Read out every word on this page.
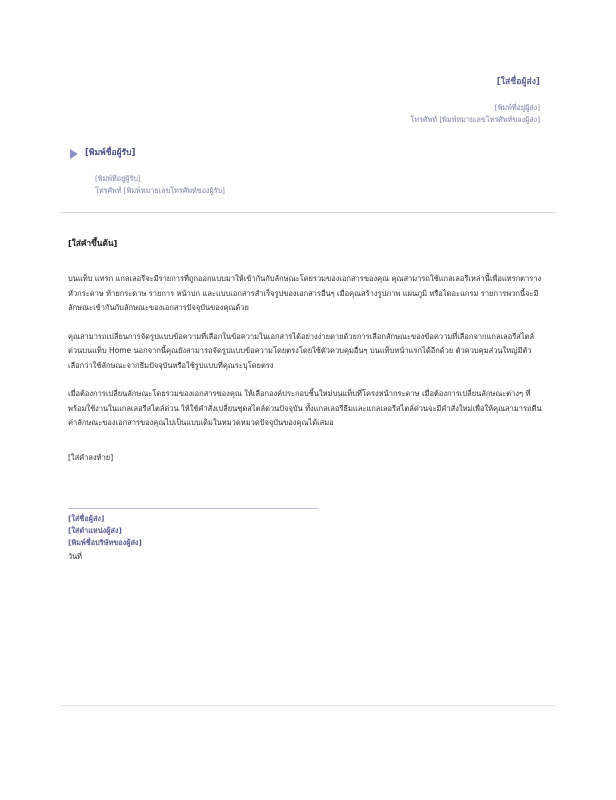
[ใส่ชื่อผู้ส่ง]
[พิมพ์ที่อยู่ผู้ส่ง]
โทรศัพท์ [พิมพ์หมายเลขโทรศัพท์ของผู้ส่ง]
[พิมพ์ชื่อผู้รับ]
[พิมพ์ที่อยู่ผู้รับ]
โทรศัพท์ [พิมพ์หมายเลขโทรศัพท์ของผู้รับ]
[ใส่คำขึ้นต้น]

บนแท็บ แทรก แกลเลอรีจะมีรายการที่ถูกออกแบบมาให้เข้ากันกับลักษณะโดยรวมของเอกสารของคุณ คุณสามารถใช้แกลเลอรีเหล่านี้เพื่อแทรกตาราง หัวกระดาษ ท้ายกระดาษ รายการ หน้าปก และแบบเอกสารสำเร็จรูปของเอกสารอื่นๆ เมื่อคุณสร้างรูปภาพ แผนภูมิ หรือไดอะแกรม รายการพวกนี้จะมีลักษณะเข้ากันกับลักษณะของเอกสารปัจจุบันของคุณด้วย

คุณสามารถเปลี่ยนการจัดรูปแบบข้อความที่เลือกในข้อความในเอกสารได้อย่างง่ายดายด้วยการเลือกลักษณะของข้อความที่เลือกจากแกลเลอรีสไตล์ด่วนบนแท็บ Home นอกจากนี้คุณยังสามารถจัดรูปแบบข้อความโดยตรงโดยใช้ตัวควบคุมอื่นๆ บนแท็บหน้าแรกได้อีกด้วย ตัวควบคุมส่วนใหญ่มีตัวเลือกว่าใช้ลักษณะจากธีมปัจจุบันหรือใช้รูปแบบที่คุณระบุโดยตรง

เมื่อต้องการเปลี่ยนลักษณะโดยรวมของเอกสารของคุณ ให้เลือกองค์ประกอบชิ้นใหม่บนแท็บที่โครงหน้ากระดาษ เมื่อต้องการเปลี่ยนลักษณะต่างๆ ที่พร้อมใช้งานในแกลเลอรีสไตล์ด่วน ให้ใช้คำสั่งเปลี่ยนชุดสไตล์ด่วนปัจจุบัน ทั้งแกลเลอรีธีมและแกลเลอรีสไตล์ด่วนจะมีคำสั่งใหม่เพื่อให้คุณสามารถคืนค่าลักษณะของเอกสารของคุณไปเป็นแบบเดิมในหมวดหมวดปัจจุบันของคุณได้เสมอ

[ใส่คำลงท้าย]
[ใส่ชื่อผู้ส่ง]
[ใส่ตำแหน่งผู้ส่ง]
[พิมพ์ชื่อบริษัทของผู้ส่ง]
วันที่
